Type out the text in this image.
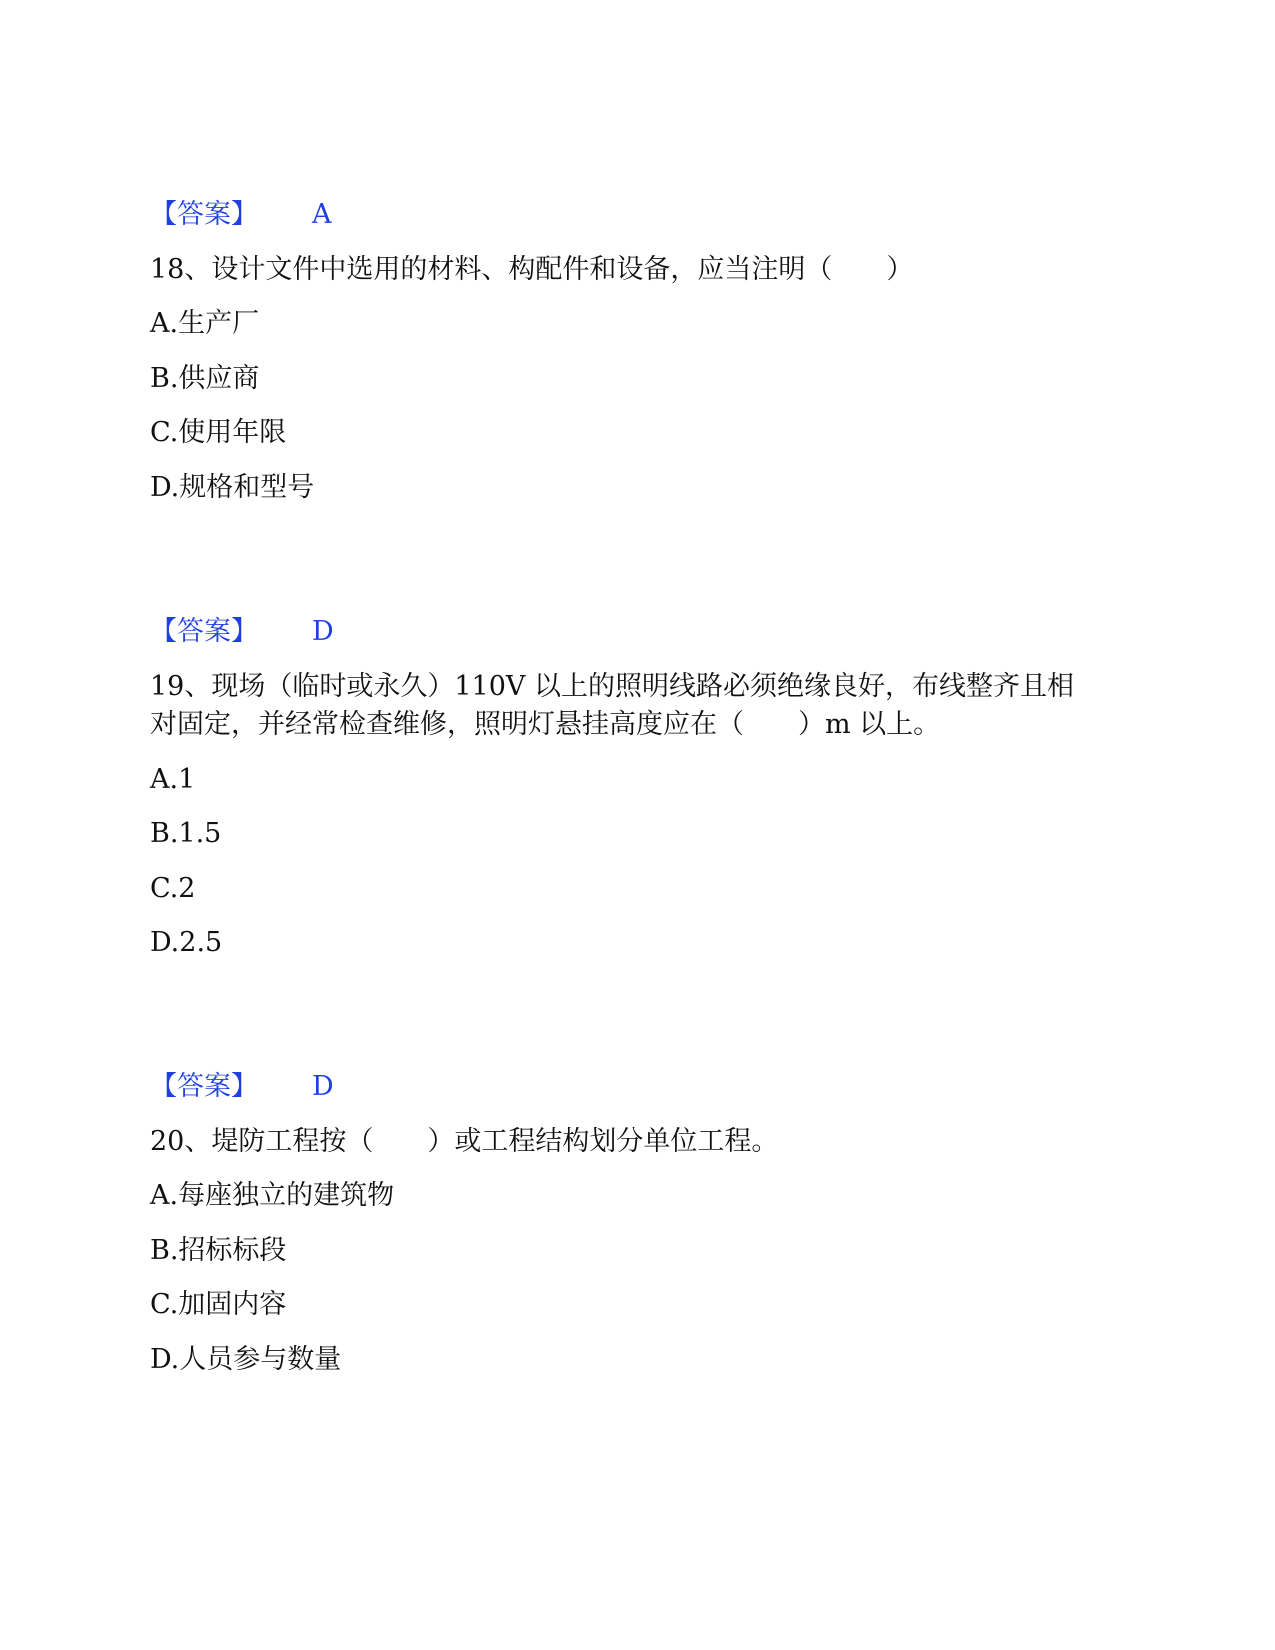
【答案】 A
18、设计文件中选用的材料、构配件和设备，应当注明（　　）
A.生产厂
B.供应商
C.使用年限
D.规格和型号
【答案】 D
19、现场（临时或永久）110V 以上的照明线路必须绝缘良好，布线整齐且相
对固定，并经常检查维修，照明灯悬挂高度应在（　　）m 以上。
A.1
B.1.5
C.2
D.2.5
【答案】 D
20、堤防工程按（　　）或工程结构划分单位工程。
A.每座独立的建筑物
B.招标标段
C.加固内容
D.人员参与数量
